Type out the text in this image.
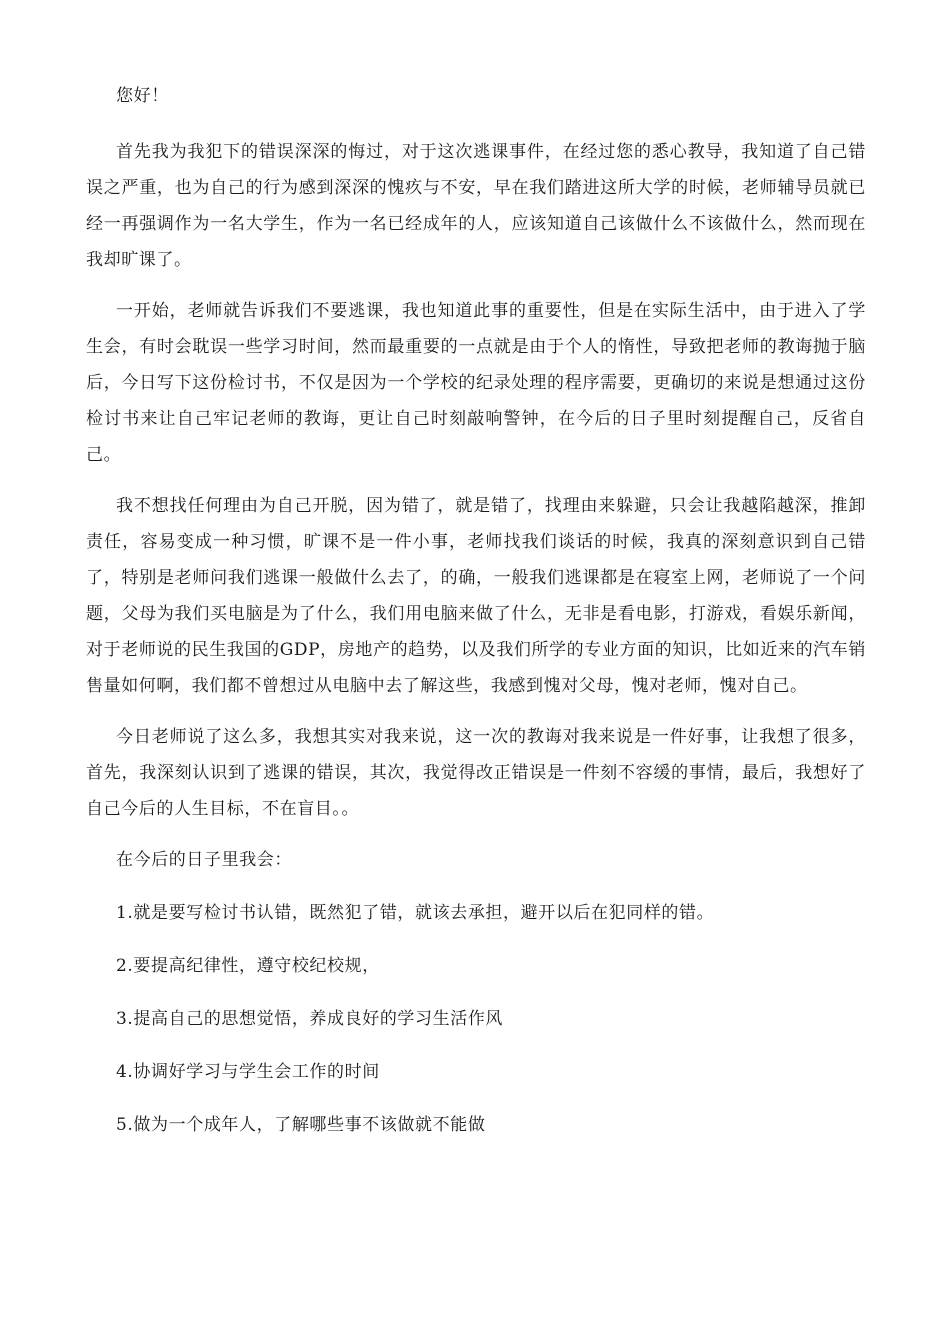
您好！

首先我为我犯下的错误深深的悔过，对于这次逃课事件，在经过您的悉心教导，我知道了自己错误之严重，也为自己的行为感到深深的愧疚与不安，早在我们踏进这所大学的时候，老师辅导员就已经一再强调作为一名大学生，作为一名已经成年的人，应该知道自己该做什么不该做什么，然而现在我却旷课了。

一开始，老师就告诉我们不要逃课，我也知道此事的重要性，但是在实际生活中，由于进入了学生会，有时会耽误一些学习时间，然而最重要的一点就是由于个人的惰性，导致把老师的教诲抛于脑后，今日写下这份检讨书，不仅是因为一个学校的纪录处理的程序需要，更确切的来说是想通过这份检讨书来让自己牢记老师的教诲，更让自己时刻敲响警钟，在今后的日子里时刻提醒自己，反省自己。

我不想找任何理由为自己开脱，因为错了，就是错了，找理由来躲避，只会让我越陷越深，推卸责任，容易变成一种习惯，旷课不是一件小事，老师找我们谈话的时候，我真的深刻意识到自己错了，特别是老师问我们逃课一般做什么去了，的确，一般我们逃课都是在寝室上网，老师说了一个问题，父母为我们买电脑是为了什么，我们用电脑来做了什么，无非是看电影，打游戏，看娱乐新闻，对于老师说的民生我国的GDP，房地产的趋势，以及我们所学的专业方面的知识，比如近来的汽车销售量如何啊，我们都不曾想过从电脑中去了解这些，我感到愧对父母，愧对老师，愧对自己。

今日老师说了这么多，我想其实对我来说，这一次的教诲对我来说是一件好事，让我想了很多，首先，我深刻认识到了逃课的错误，其次，我觉得改正错误是一件刻不容缓的事情，最后，我想好了自己今后的人生目标，不在盲目。。

在今后的日子里我会：

1.就是要写检讨书认错，既然犯了错，就该去承担，避开以后在犯同样的错。

2.要提高纪律性，遵守校纪校规，

3.提高自己的思想觉悟，养成良好的学习生活作风

4.协调好学习与学生会工作的时间

5.做为一个成年人，了解哪些事不该做就不能做
